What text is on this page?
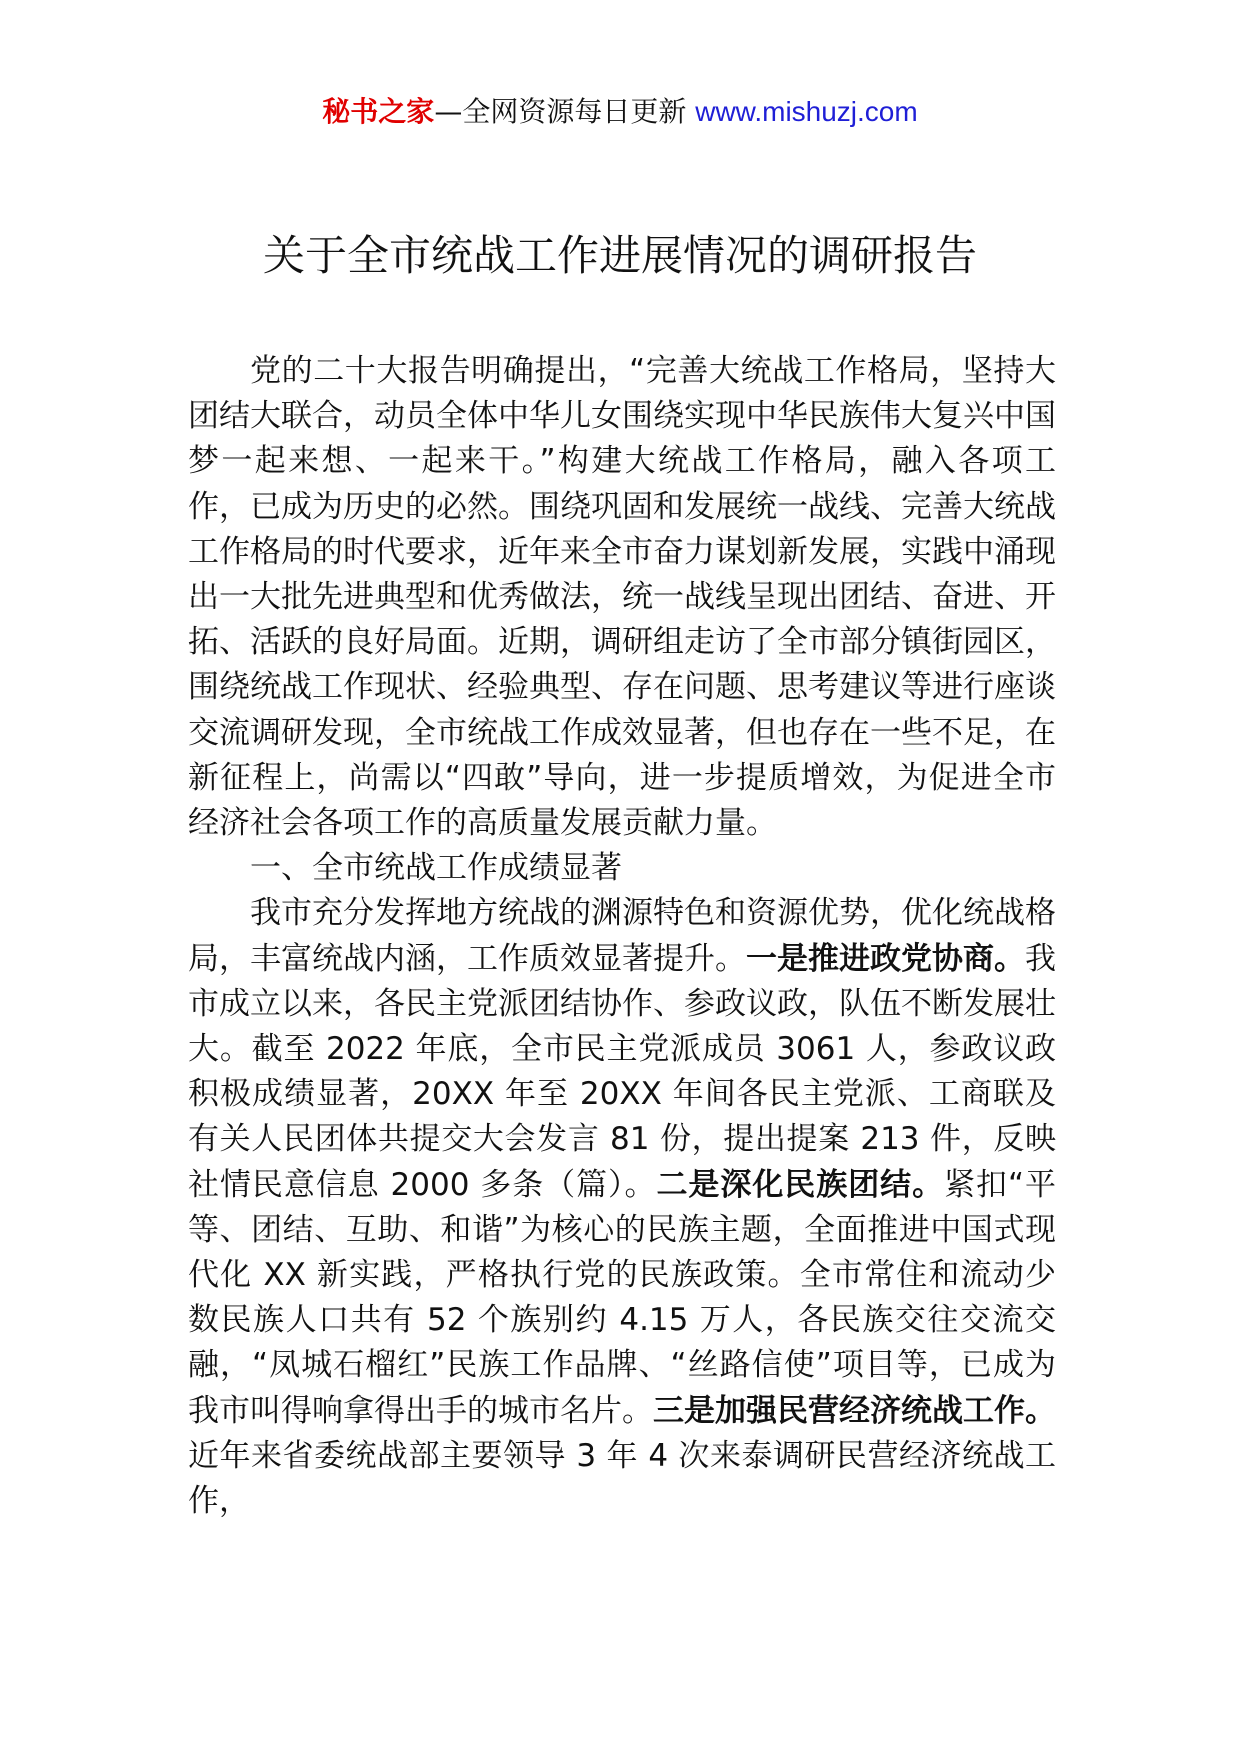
秘书之家—全网资源每日更新 www.mishuzj.com
关于全市统战工作进展情况的调研报告

党的二十大报告明确提出，“完善大统战工作格局，坚持大团结大联合，动员全体中华儿女围绕实现中华民族伟大复兴中国梦一起来想、一起来干。”构建大统战工作格局，融入各项工作，已成为历史的必然。围绕巩固和发展统一战线、完善大统战工作格局的时代要求，近年来全市奋力谋划新发展，实践中涌现出一大批先进典型和优秀做法，统一战线呈现出团结、奋进、开拓、活跃的良好局面。近期，调研组走访了全市部分镇街园区，围绕统战工作现状、经验典型、存在问题、思考建议等进行座谈交流调研发现，全市统战工作成效显著，但也存在一些不足，在新征程上，尚需以“四敢”导向，进一步提质增效，为促进全市经济社会各项工作的高质量发展贡献力量。

一、全市统战工作成绩显著

我市充分发挥地方统战的渊源特色和资源优势，优化统战格局，丰富统战内涵，工作质效显著提升。一是推进政党协商。我市成立以来，各民主党派团结协作、参政议政，队伍不断发展壮大。截至 2022 年底，全市民主党派成员 3061 人，参政议政积极成绩显著，20XX 年至 20XX 年间各民主党派、工商联及有关人民团体共提交大会发言 81 份，提出提案 213 件，反映社情民意信息 2000 多条（篇）。二是深化民族团结。紧扣“平等、团结、互助、和谐”为核心的民族主题，全面推进中国式现代化 XX 新实践，严格执行党的民族政策。全市常住和流动少数民族人口共有 52 个族别约 4.15 万人，各民族交往交流交融，“凤城石榴红”民族工作品牌、“丝路信使”项目等，已成为我市叫得响拿得出手的城市名片。三是加强民营经济统战工作。近年来省委统战部主要领导 3 年 4 次来泰调研民营经济统战工作，
